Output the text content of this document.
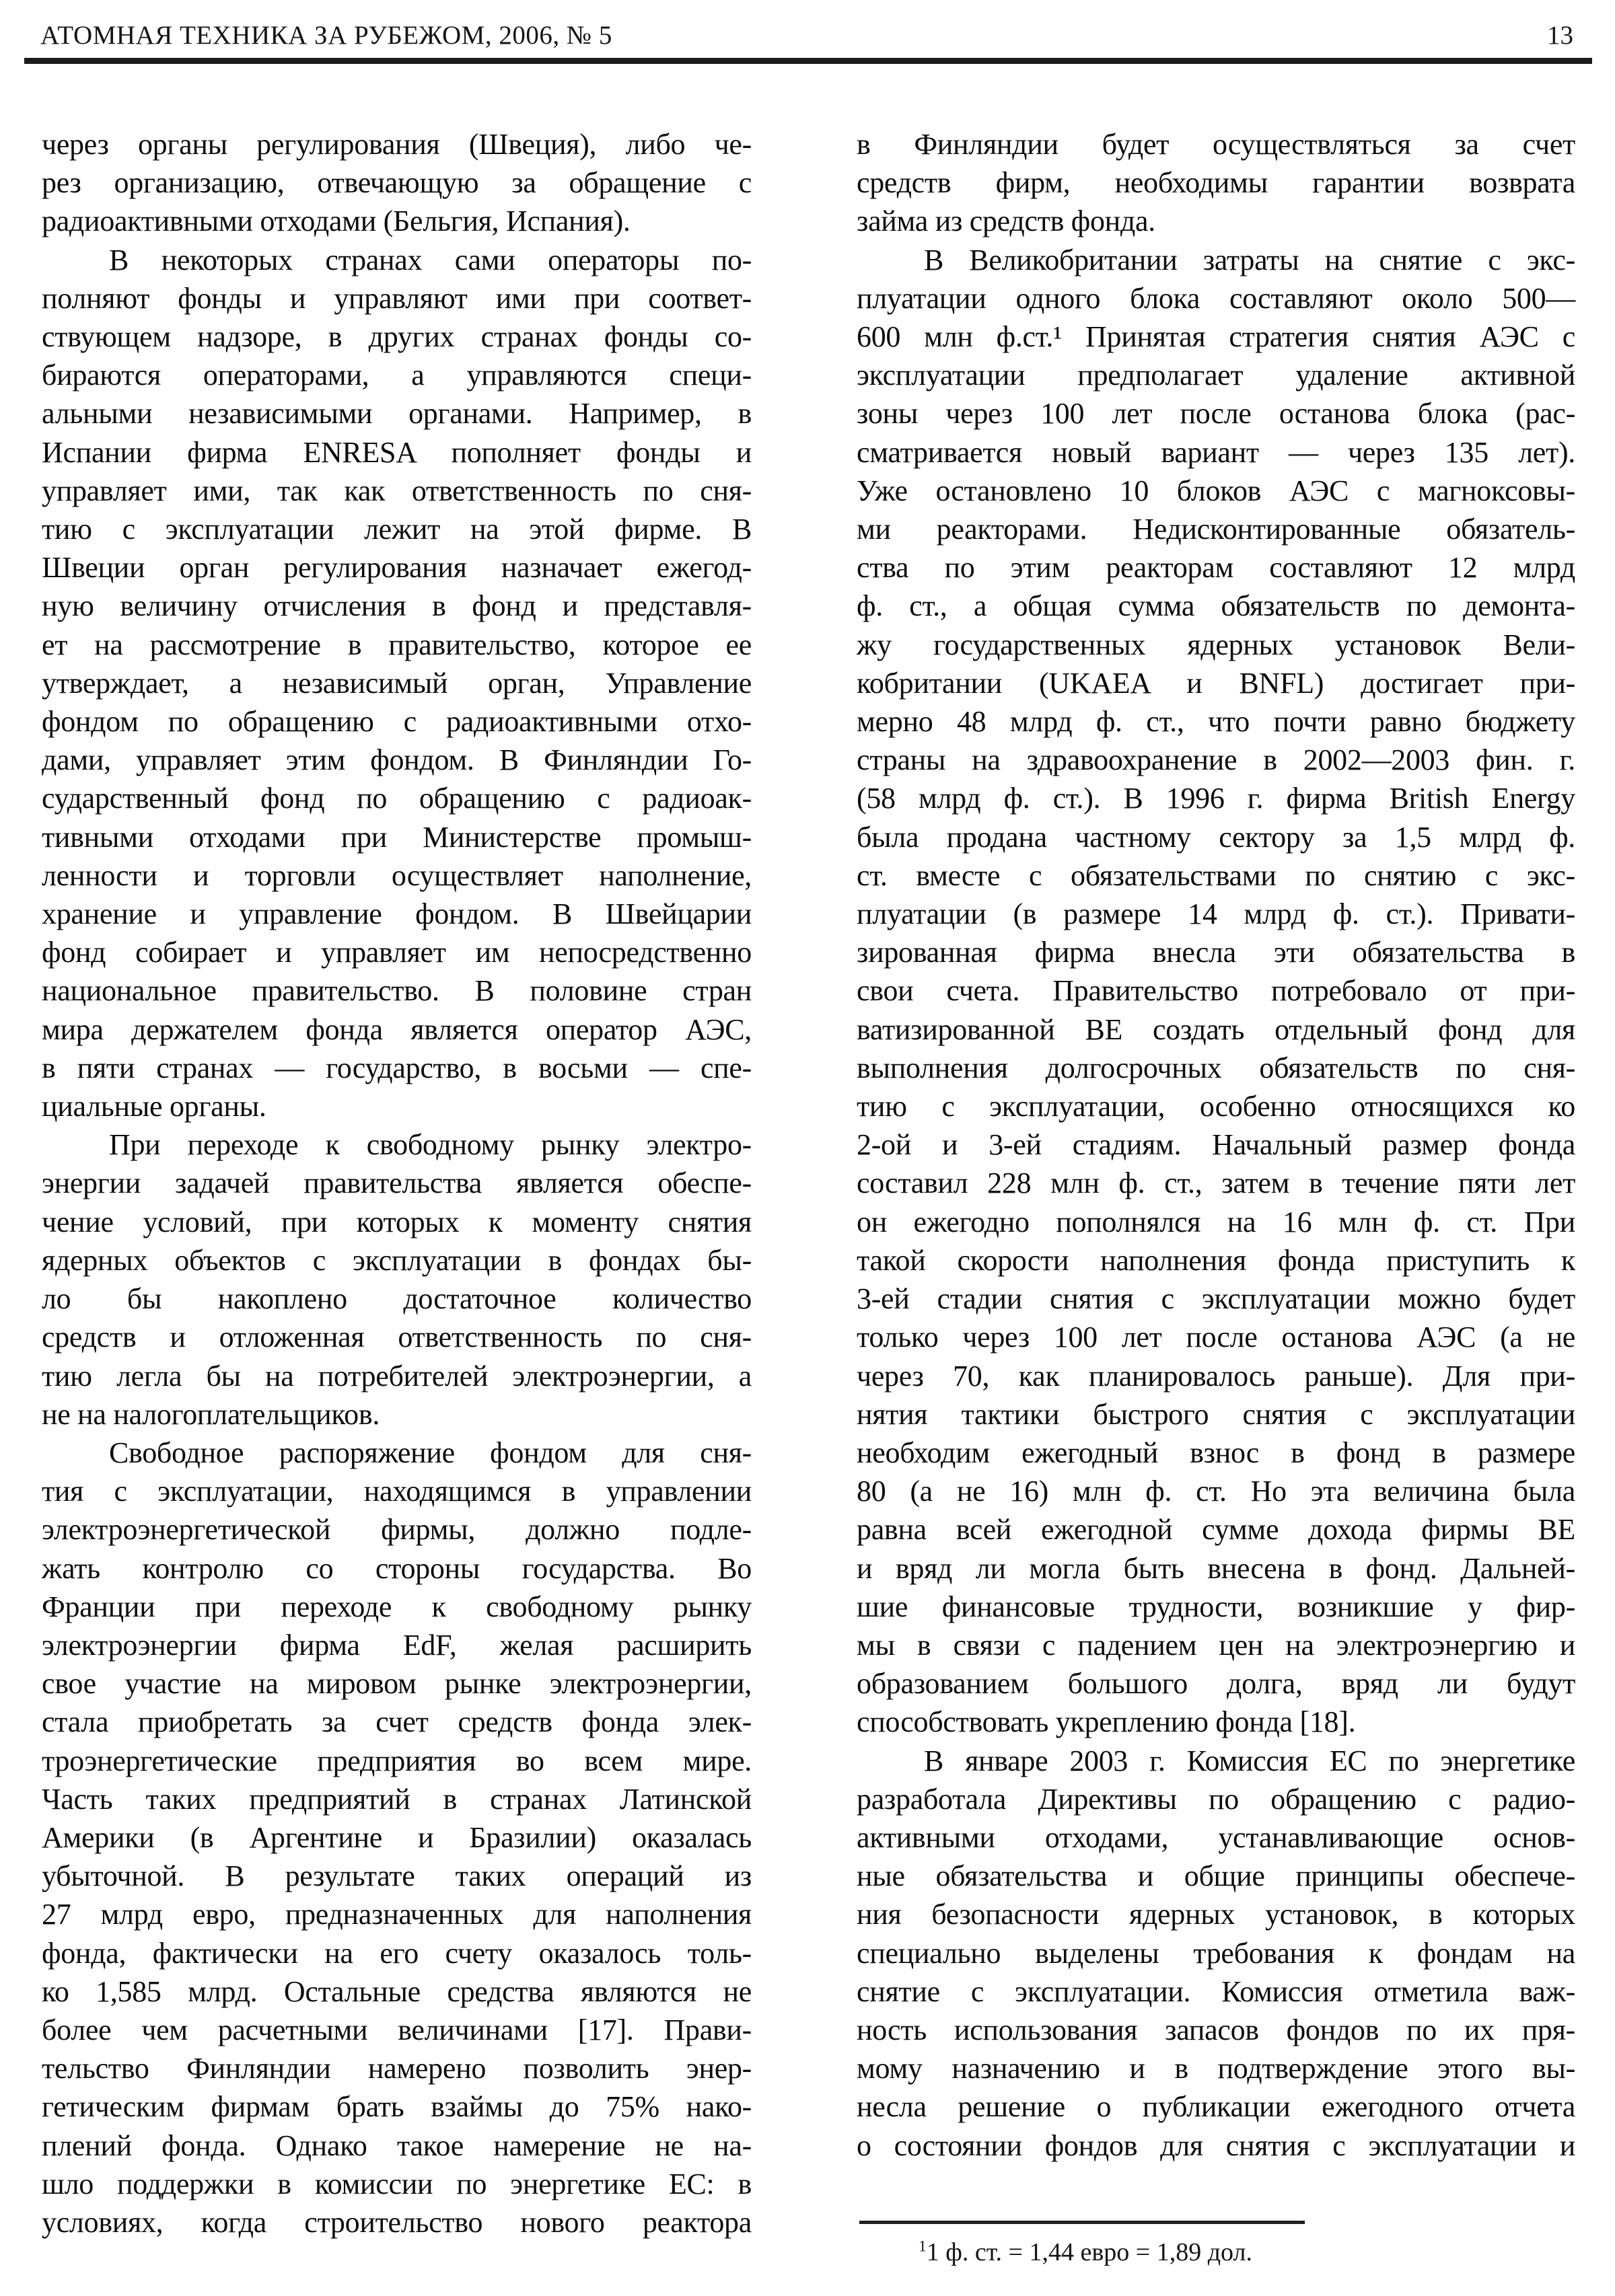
АТОМНАЯ ТЕХНИКА ЗА РУБЕЖОМ, 2006, № 5	13
через органы регулирования (Швеция), либо че-
рез организацию, отвечающую за обращение с
радиоактивными отходами (Бельгия, Испания).
В некоторых странах сами операторы по-
полняют фонды и управляют ими при соответ-
ствующем надзоре, в других странах фонды со-
бираются операторами, а управляются специ-
альными независимыми органами. Например, в
Испании фирма ENRESA пополняет фонды и
управляет ими, так как ответственность по сня-
тию с эксплуатации лежит на этой фирме. В
Швеции орган регулирования назначает ежегод-
ную величину отчисления в фонд и представля-
ет на рассмотрение в правительство, которое ее
утверждает, а независимый орган, Управление
фондом по обращению с радиоактивными отхо-
дами, управляет этим фондом. В Финляндии Го-
сударственный фонд по обращению с радиоак-
тивными отходами при Министерстве промыш-
ленности и торговли осуществляет наполнение,
хранение и управление фондом. В Швейцарии
фонд собирает и управляет им непосредственно
национальное правительство. В половине стран
мира держателем фонда является оператор АЭС,
в пяти странах — государство, в восьми — спе-
циальные органы.
При переходе к свободному рынку электро-
энергии задачей правительства является обеспе-
чение условий, при которых к моменту снятия
ядерных объектов с эксплуатации в фондах бы-
ло бы накоплено достаточное количество
средств и отложенная ответственность по сня-
тию легла бы на потребителей электроэнергии, а
не на налогоплательщиков.
Свободное распоряжение фондом для сня-
тия с эксплуатации, находящимся в управлении
электроэнергетической фирмы, должно подле-
жать контролю со стороны государства. Во
Франции при переходе к свободному рынку
электроэнергии фирма EdF, желая расширить
свое участие на мировом рынке электроэнергии,
стала приобретать за счет средств фонда элек-
троэнергетические предприятия во всем мире.
Часть таких предприятий в странах Латинской
Америки (в Аргентине и Бразилии) оказалась
убыточной. В результате таких операций из
27 млрд евро, предназначенных для наполнения
фонда, фактически на его счету оказалось толь-
ко 1,585 млрд. Остальные средства являются не
более чем расчетными величинами [17]. Прави-
тельство Финляндии намерено позволить энер-
гетическим фирмам брать взаймы до 75% нако-
плений фонда. Однако такое намерение не на-
шло поддержки в комиссии по энергетике ЕС: в
условиях, когда строительство нового реактора
в Финляндии будет осуществляться за счет
средств фирм, необходимы гарантии возврата
займа из средств фонда.
В Великобритании затраты на снятие с экс-
плуатации одного блока составляют около 500—
600 млн ф.ст.¹ Принятая стратегия снятия АЭС с
эксплуатации предполагает удаление активной
зоны через 100 лет после останова блока (рас-
сматривается новый вариант — через 135 лет).
Уже остановлено 10 блоков АЭС с магноксовы-
ми реакторами. Недисконтированные обязатель-
ства по этим реакторам составляют 12 млрд
ф. ст., а общая сумма обязательств по демонта-
жу государственных ядерных установок Вели-
кобритании (UKAEA и BNFL) достигает при-
мерно 48 млрд ф. ст., что почти равно бюджету
страны на здравоохранение в 2002—2003 фин. г.
(58 млрд ф. ст.). В 1996 г. фирма British Energy
была продана частному сектору за 1,5 млрд ф.
ст. вместе с обязательствами по снятию с экс-
плуатации (в размере 14 млрд ф. ст.). Привати-
зированная фирма внесла эти обязательства в
свои счета. Правительство потребовало от при-
ватизированной BE создать отдельный фонд для
выполнения долгосрочных обязательств по сня-
тию с эксплуатации, особенно относящихся ко
2-ой и 3-ей стадиям. Начальный размер фонда
составил 228 млн ф. ст., затем в течение пяти лет
он ежегодно пополнялся на 16 млн ф. ст. При
такой скорости наполнения фонда приступить к
3-ей стадии снятия с эксплуатации можно будет
только через 100 лет после останова АЭС (а не
через 70, как планировалось раньше). Для при-
нятия тактики быстрого снятия с эксплуатации
необходим ежегодный взнос в фонд в размере
80 (а не 16) млн ф. ст. Но эта величина была
равна всей ежегодной сумме дохода фирмы BE
и вряд ли могла быть внесена в фонд. Дальней-
шие финансовые трудности, возникшие у фир-
мы в связи с падением цен на электроэнергию и
образованием большого долга, вряд ли будут
способствовать укреплению фонда [18].
В январе 2003 г. Комиссия ЕС по энергетике
разработала Директивы по обращению с радио-
активными отходами, устанавливающие основ-
ные обязательства и общие принципы обеспече-
ния безопасности ядерных установок, в которых
специально выделены требования к фондам на
снятие с эксплуатации. Комиссия отметила важ-
ность использования запасов фондов по их пря-
мому назначению и в подтверждение этого вы-
несла решение о публикации ежегодного отчета
о состоянии фондов для снятия с эксплуатации и
$^1$1 ф. ст. = 1,44 евро = 1,89 дол.
